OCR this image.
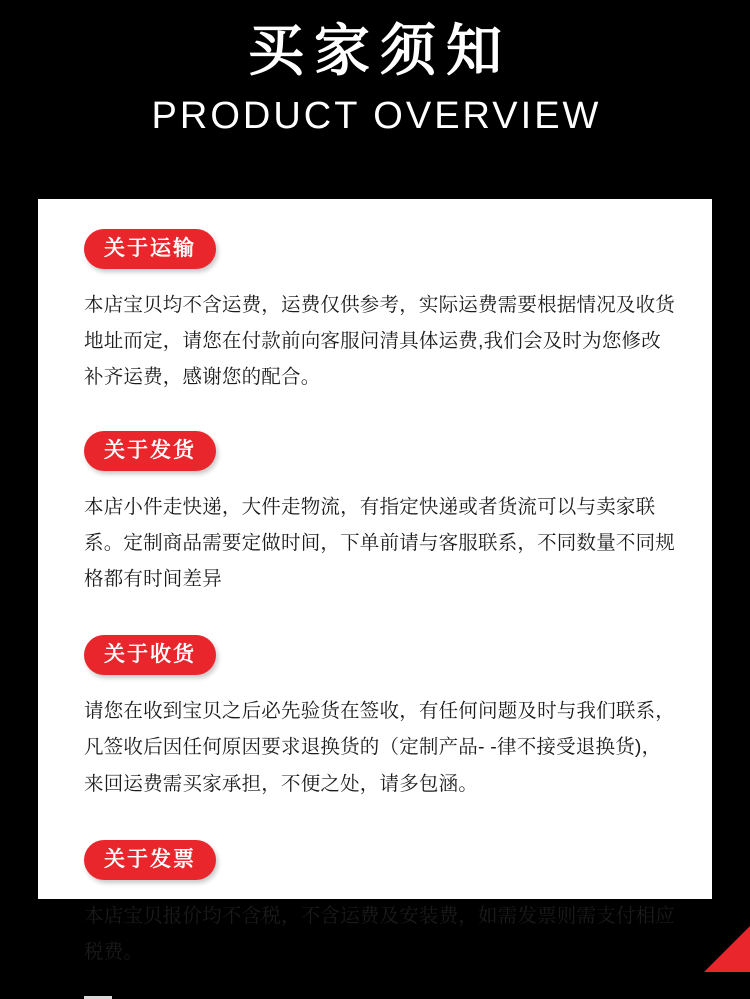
买家须知
PRODUCT OVERVIEW
关于运输

本店宝贝均不含运费，运费仅供参考，实际运费需要根据情况及收货地址而定，请您在付款前向客服问清具体运费,我们会及时为您修改补齐运费，感谢您的配合。

关于发货

本店小件走快递，大件走物流，有指定快递或者货流可以与卖家联系。定制商品需要定做时间，下单前请与客服联系，不同数量不同规格都有时间差异

关于收货

请您在收到宝贝之后必先验货在签收，有任何问题及时与我们联系，凡签收后因任何原因要求退换货的（定制产品- -律不接受退换货)，来回运费需买家承担，不便之处，请多包涵。

关于发票

本店宝贝报价均不含税，不含运费及安装费，如需发票则需支付相应税费。
